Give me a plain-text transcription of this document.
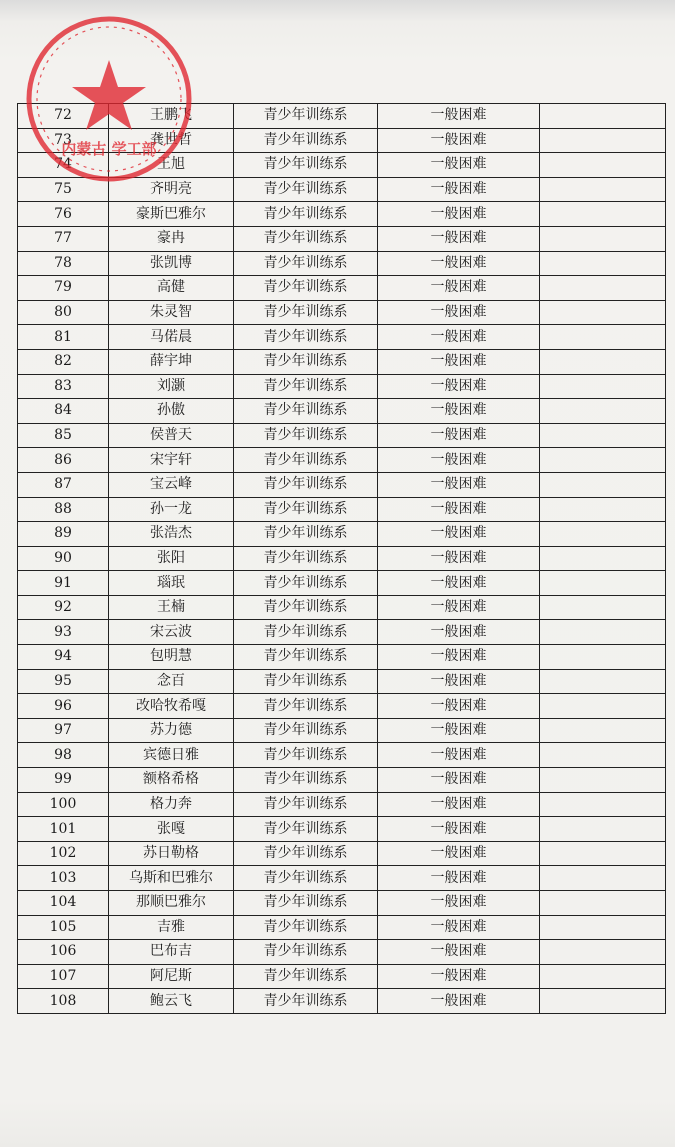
72	王鹏飞	青少年训练系	一般困难	
73	龚世哲	青少年训练系	一般困难	
74	王旭	青少年训练系	一般困难	
75	齐明亮	青少年训练系	一般困难	
76	豪斯巴雅尔	青少年训练系	一般困难	
77	豪冉	青少年训练系	一般困难	
78	张凯博	青少年训练系	一般困难	
79	高健	青少年训练系	一般困难	
80	朱灵智	青少年训练系	一般困难	
81	马偌晨	青少年训练系	一般困难	
82	薛宇坤	青少年训练系	一般困难	
83	刘灏	青少年训练系	一般困难	
84	孙傲	青少年训练系	一般困难	
85	侯普天	青少年训练系	一般困难	
86	宋宇轩	青少年训练系	一般困难	
87	宝云峰	青少年训练系	一般困难	
88	孙一龙	青少年训练系	一般困难	
89	张浩杰	青少年训练系	一般困难	
90	张阳	青少年训练系	一般困难	
91	瑙珉	青少年训练系	一般困难	
92	王楠	青少年训练系	一般困难	
93	宋云波	青少年训练系	一般困难	
94	包明慧	青少年训练系	一般困难	
95	念百	青少年训练系	一般困难	
96	改哈牧希嘎	青少年训练系	一般困难	
97	苏力德	青少年训练系	一般困难	
98	宾德日雅	青少年训练系	一般困难	
99	额格希格	青少年训练系	一般困难	
100	格力奔	青少年训练系	一般困难	
101	张嘎	青少年训练系	一般困难	
102	苏日勒格	青少年训练系	一般困难	
103	乌斯和巴雅尔	青少年训练系	一般困难	
104	那顺巴雅尔	青少年训练系	一般困难	
105	吉雅	青少年训练系	一般困难	
106	巴布吉	青少年训练系	一般困难	
107	阿尼斯	青少年训练系	一般困难	
108	鲍云飞	青少年训练系	一般困难	
内蒙古 学工部
